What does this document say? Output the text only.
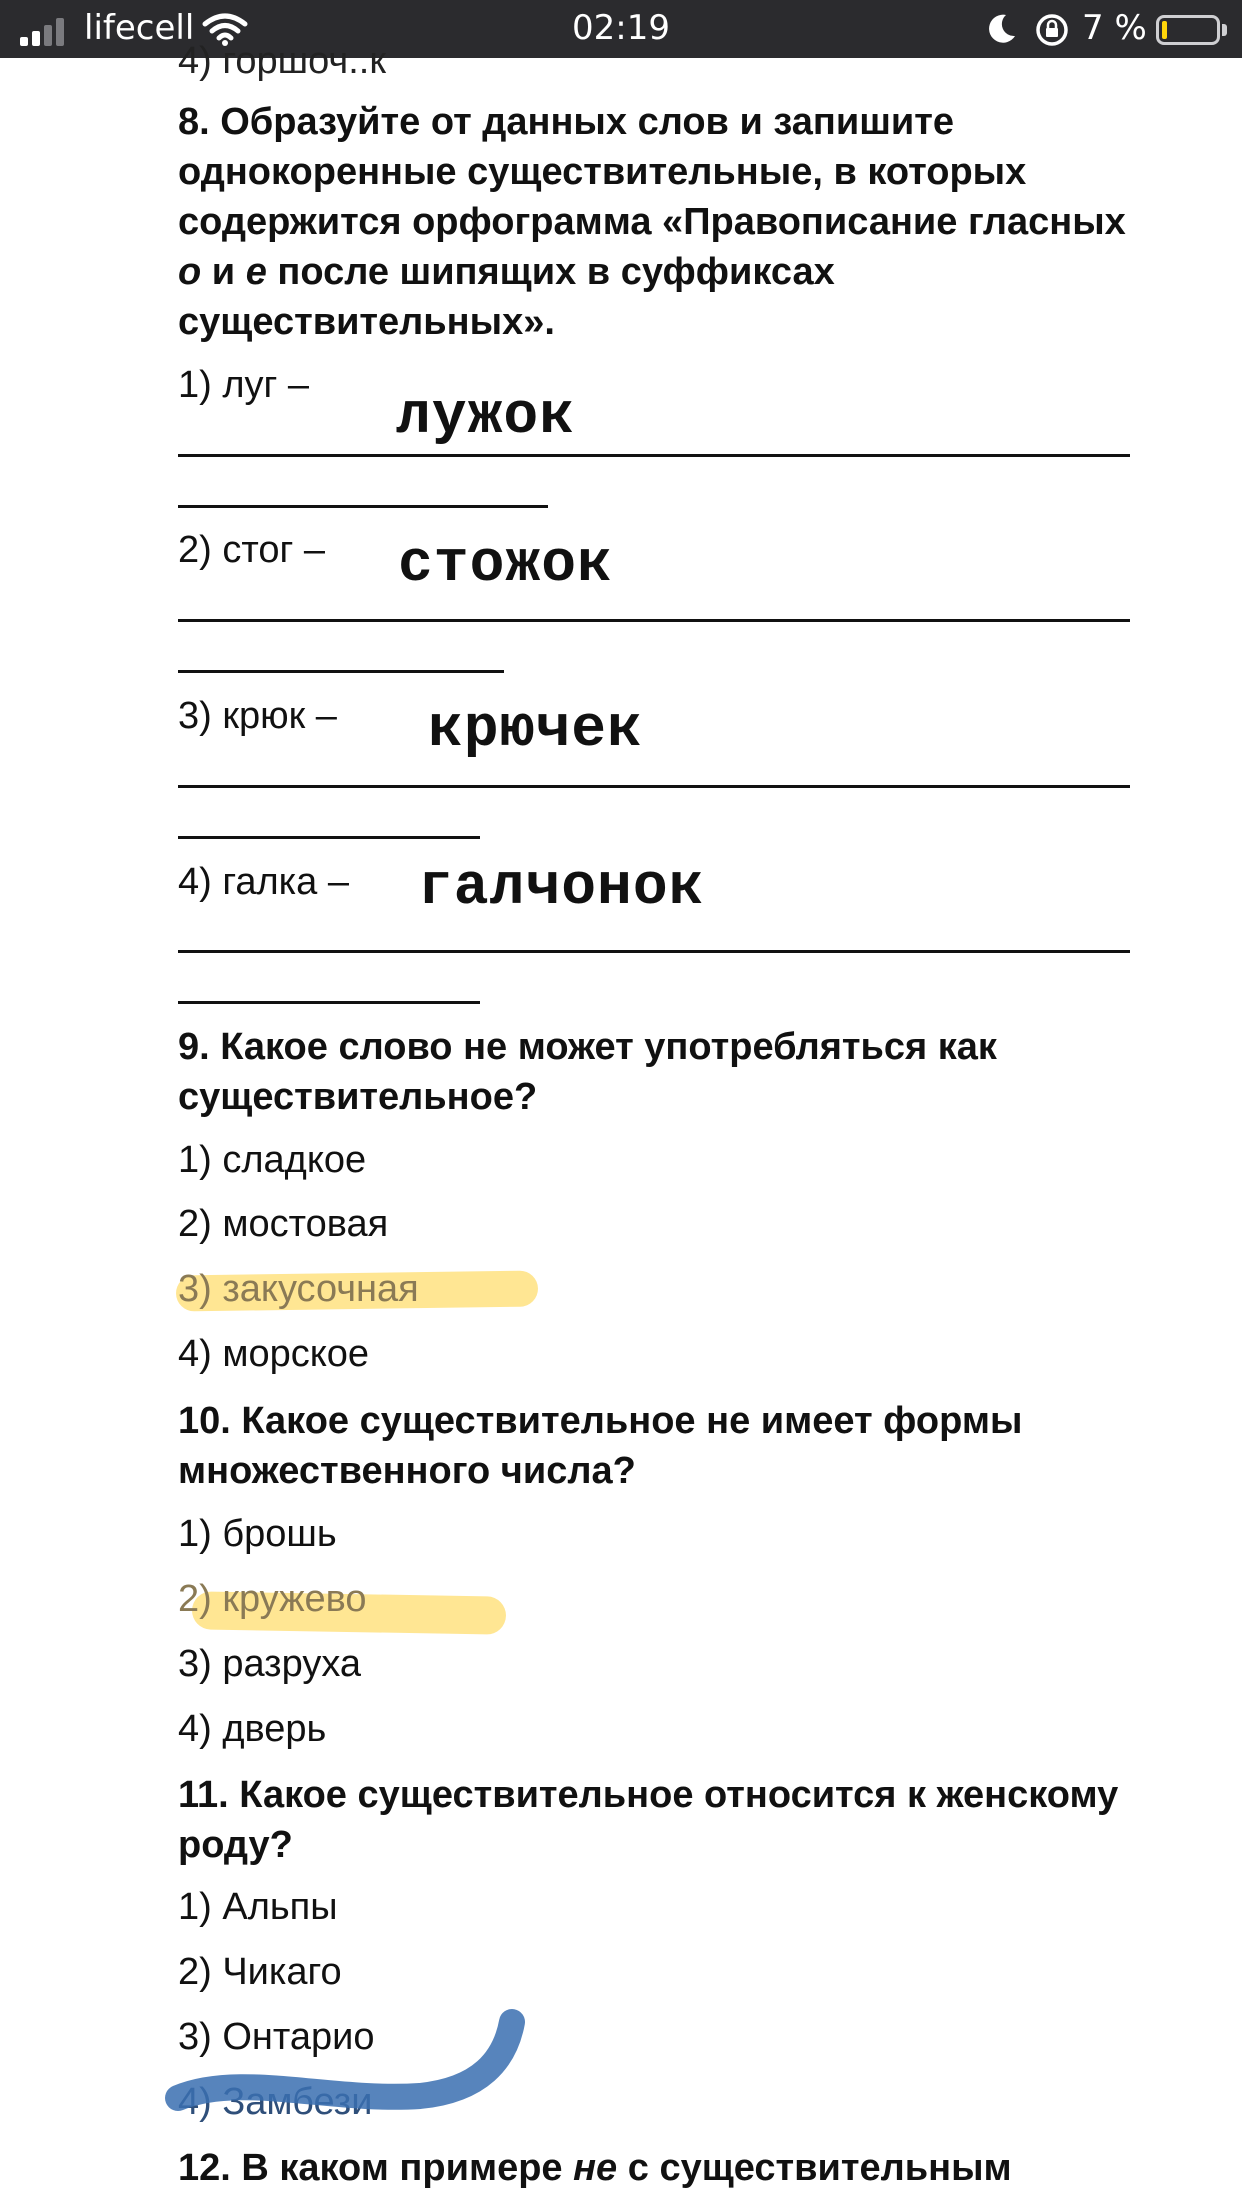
lifecell	02:19	7 %
4) горшоч..к
8. Образуйте от данных слов и запишите однокоренные существительные, в которых содержится орфограмма «Правописание гласных о и е после шипящих в суффиксах существительных».
1) луг – лужок
2) стог – стожок
3) крюк – крючек
4) галка – галчонок
9. Какое слово не может употребляться как существительное?
1) сладкое
2) мостовая
3) закусочная
4) морское
10. Какое существительное не имеет формы множественного числа?
1) брошь
2) кружево
3) разруха
4) дверь
11. Какое существительное относится к женскому роду?
1) Альпы
2) Чикаго
3) Онтарио
4) Замбези
12. В каком примере не с существительным
